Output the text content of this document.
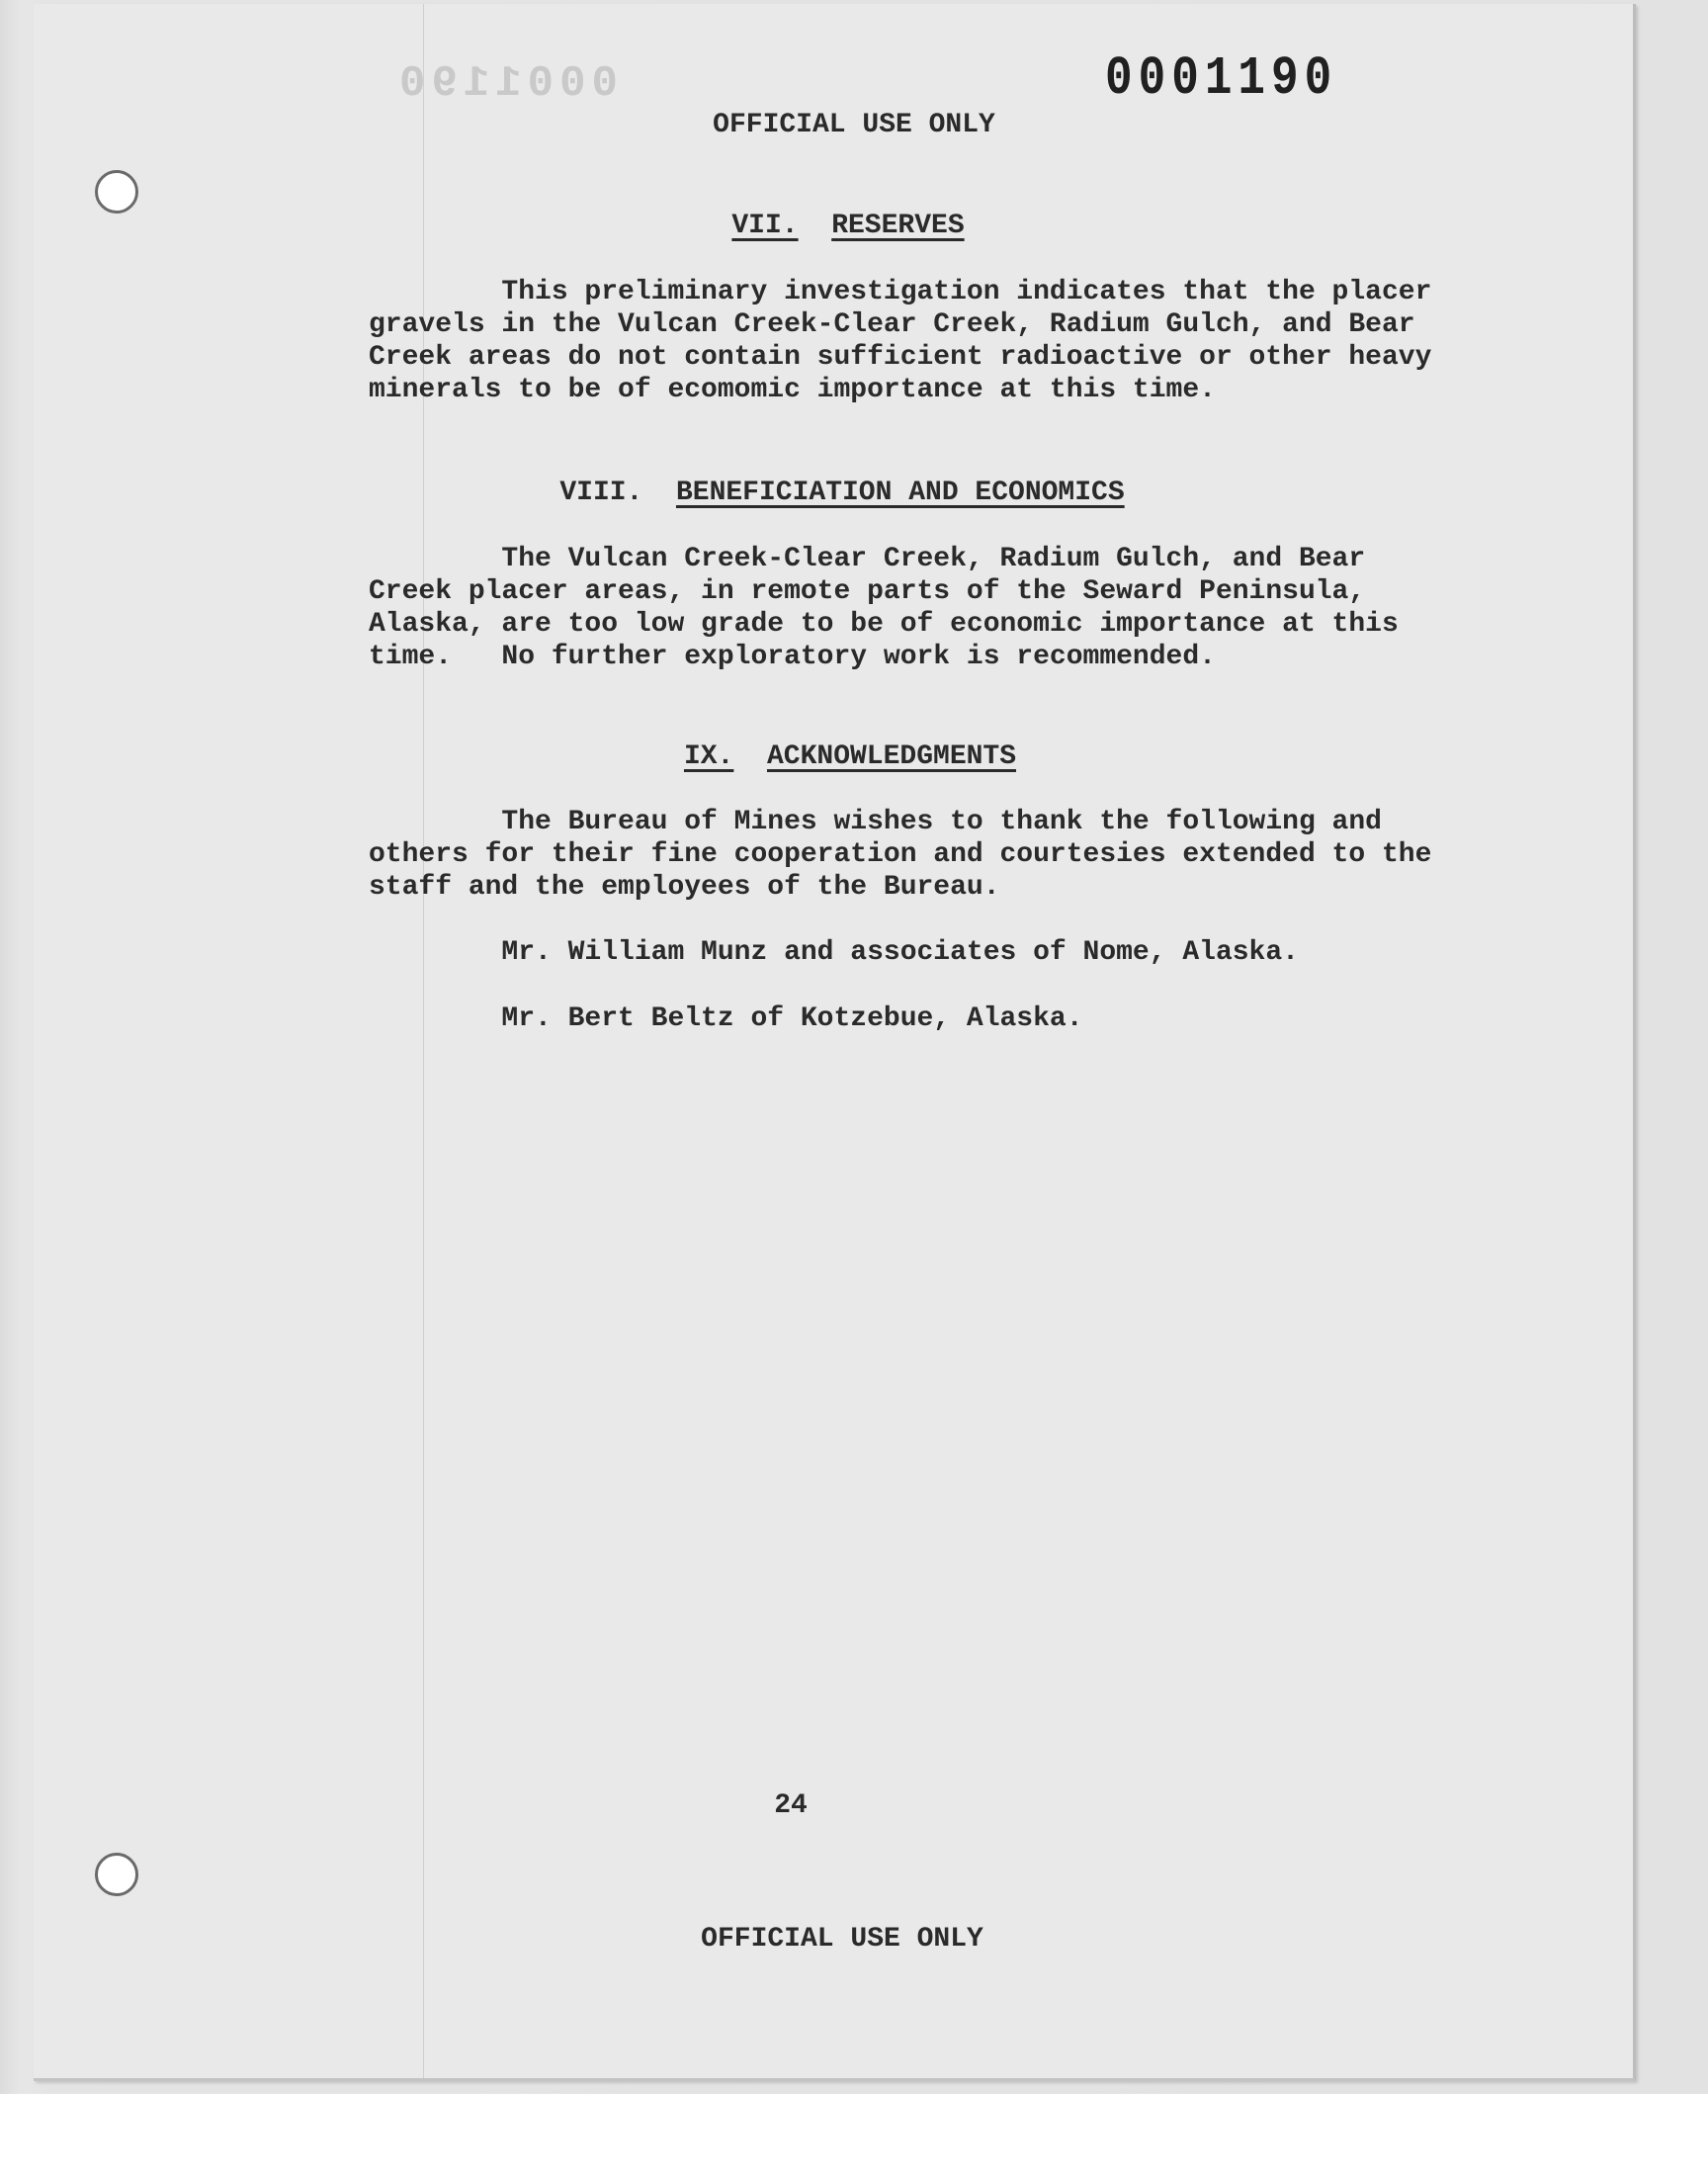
0001190	0001190
OFFICIAL USE ONLY
VII. RESERVES
This preliminary investigation indicates that the placer
gravels in the Vulcan Creek-Clear Creek, Radium Gulch, and Bear
Creek areas do not contain sufficient radioactive or other heavy
minerals to be of ecomomic importance at this time.
VIII. BENEFICIATION AND ECONOMICS
The Vulcan Creek-Clear Creek, Radium Gulch, and Bear
Creek placer areas, in remote parts of the Seward Peninsula,
Alaska, are too low grade to be of economic importance at this
time.   No further exploratory work is recommended.
IX. ACKNOWLEDGMENTS
The Bureau of Mines wishes to thank the following and
others for their fine cooperation and courtesies extended to the
staff and the employees of the Bureau.
Mr. William Munz and associates of Nome, Alaska.
Mr. Bert Beltz of Kotzebue, Alaska.
24
OFFICIAL USE ONLY
